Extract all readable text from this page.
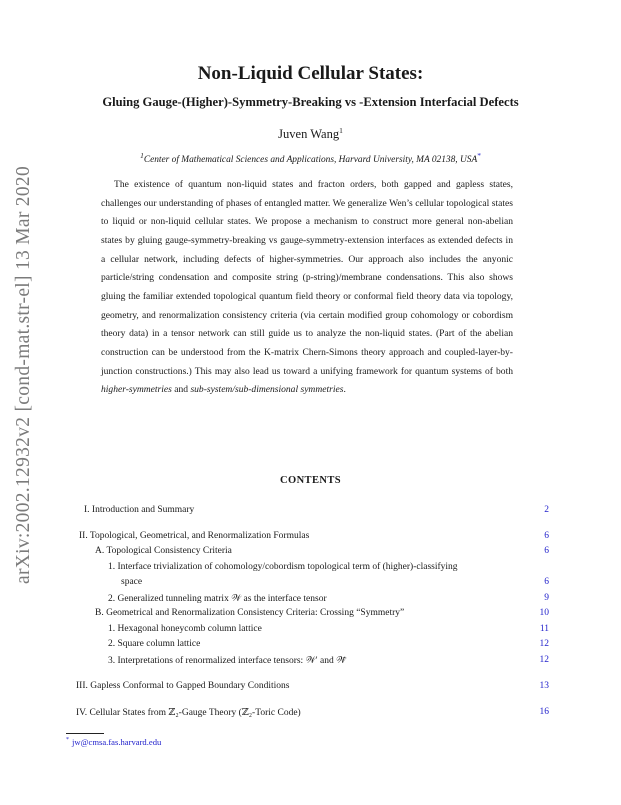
arXiv:2002.12932v2 [cond-mat.str-el] 13 Mar 2020
Non-Liquid Cellular States:
Gluing Gauge-(Higher)-Symmetry-Breaking vs -Extension Interfacial Defects
Juven Wang$^1$
$^1$Center of Mathematical Sciences and Applications, Harvard University, MA 02138, USA*

The existence of quantum non-liquid states and fracton orders, both gapped and gapless states, challenges our understanding of phases of entangled matter. We generalize Wen’s cellular topological states to liquid or non-liquid cellular states. We propose a mechanism to construct more general non-abelian states by gluing gauge-symmetry-breaking vs gauge-symmetry-extension interfaces as extended defects in a cellular network, including defects of higher-symmetries. Our approach also includes the anyonic particle/string condensation and composite string (p-string)/membrane condensations. This also shows gluing the familiar extended topological quantum field theory or conformal field theory data via topology, geometry, and renormalization consistency criteria (via certain modified group cohomology or cobordism theory data) in a tensor network can still guide us to analyze the non-liquid states. (Part of the abelian construction can be understood from the K-matrix Chern-Simons theory approach and coupled-layer-by-junction constructions.) This may also lead us toward a unifying framework for quantum systems of both higher-symmetries and sub-system/sub-dimensional symmetries.

CONTENTS
I. Introduction and Summary	2
II. Topological, Geometrical, and Renormalization Formulas	6
A. Topological Consistency Criteria	6
1. Interface trivialization of cohomology/cobordism topological term of (higher)-classifying
space	6
2. Generalized tunneling matrix 𝒲 as the interface tensor	9
B. Geometrical and Renormalization Consistency Criteria: Crossing “Symmetry”	10
1. Hexagonal honeycomb column lattice	11
2. Square column lattice	12
3. Interpretations of renormalized interface tensors: 𝒲′ and 𝒲̃	12
III. Gapless Conformal to Gapped Boundary Conditions	13
IV. Cellular States from ℤ₂-Gauge Theory (ℤ₂-Toric Code)	16
* jw@cmsa.fas.harvard.edu
